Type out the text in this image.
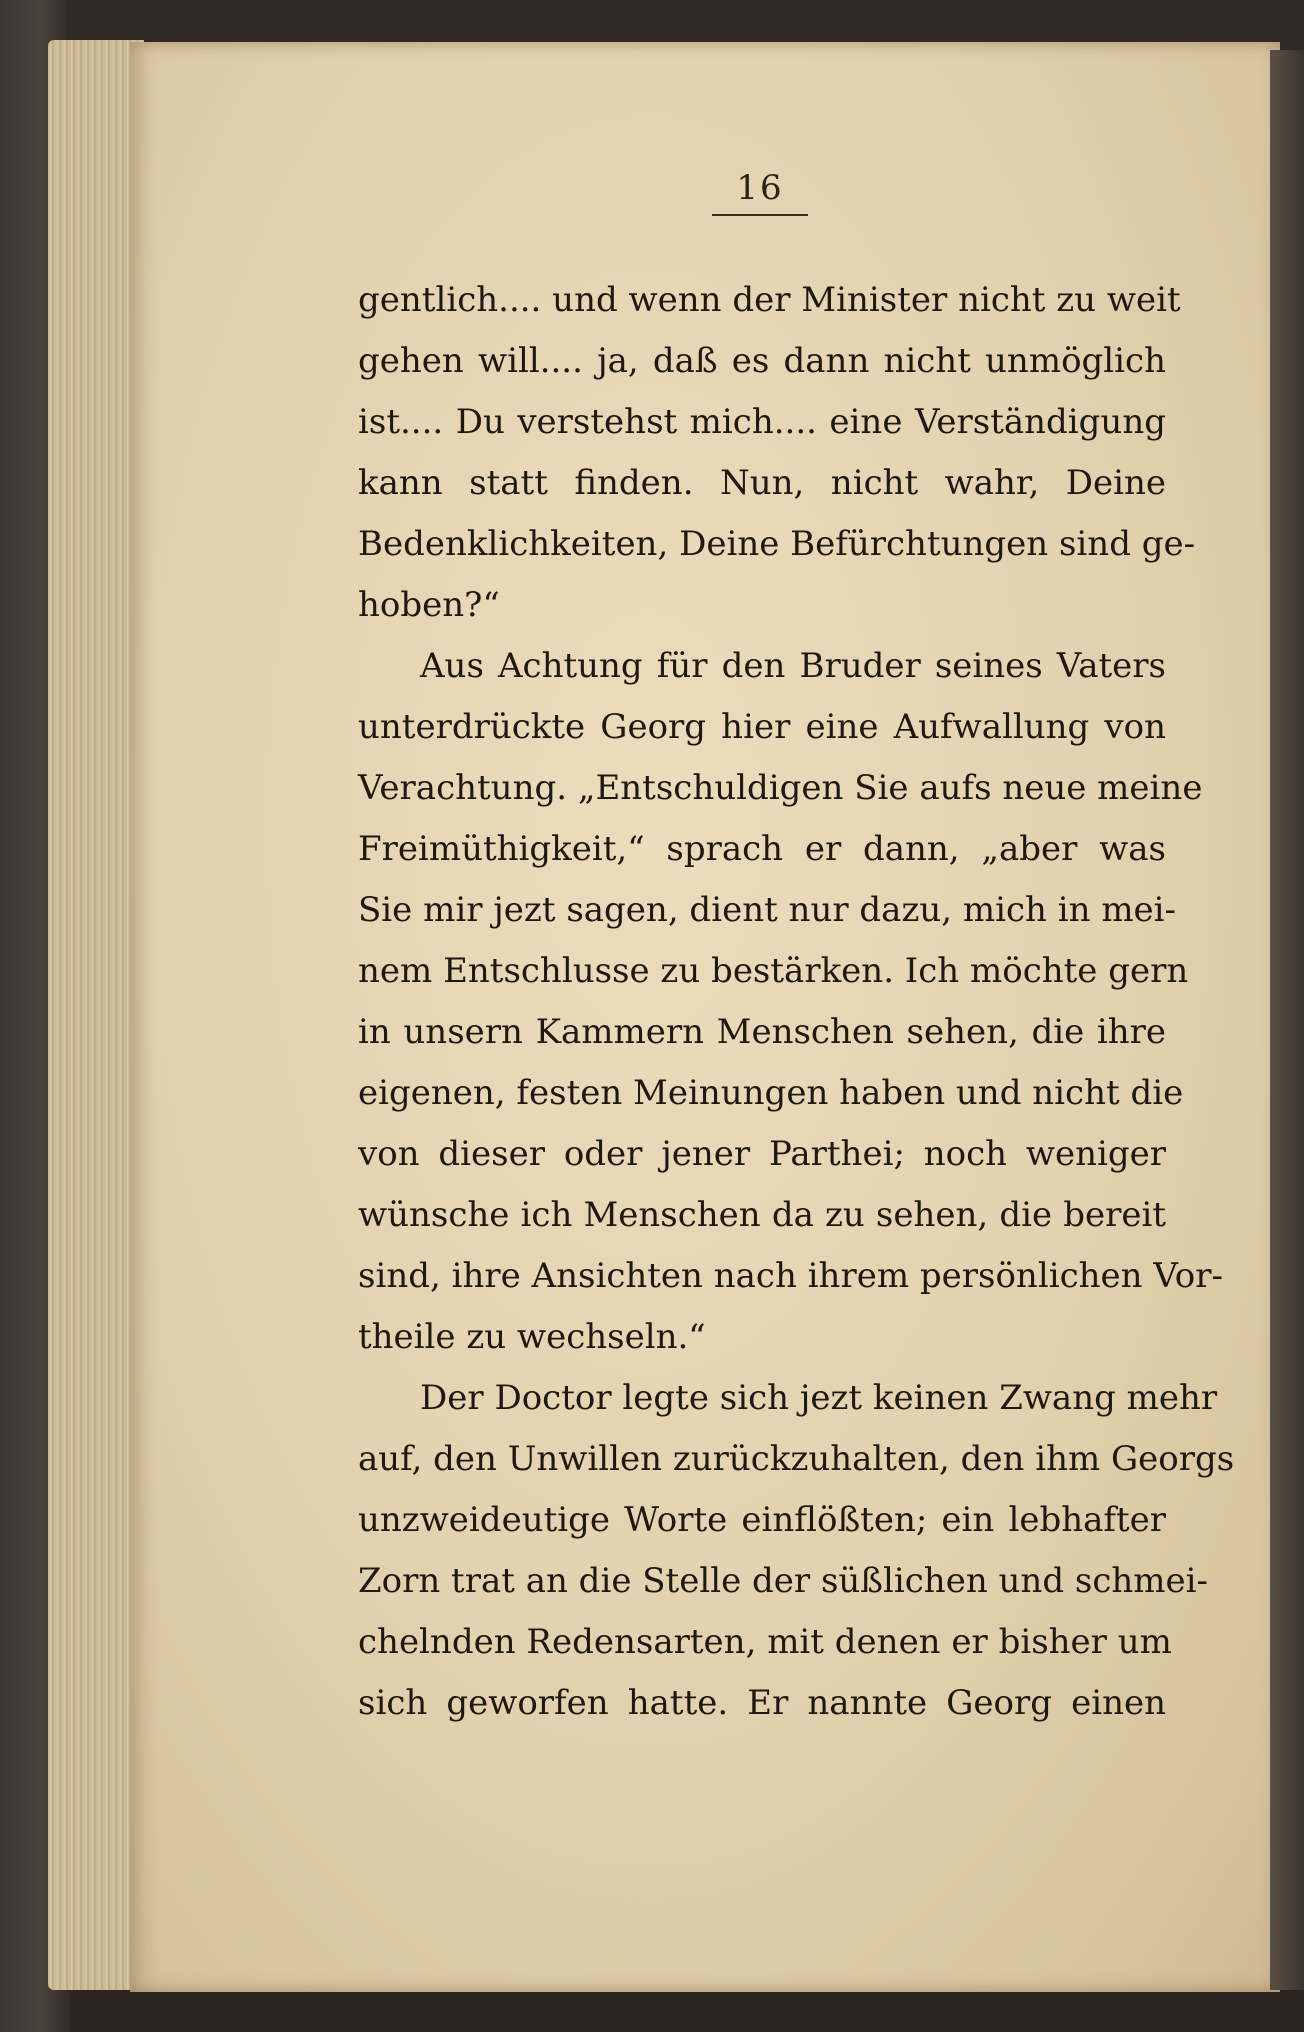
16
gentlich.... und wenn der Minister nicht zu weit
gehen will.... ja, daß es dann nicht unmöglich
ist.... Du verstehst mich.... eine Verständigung
kann statt finden. Nun, nicht wahr, Deine
Bedenklichkeiten, Deine Befürchtungen sind ge-
hoben?“
Aus Achtung für den Bruder seines Vaters
unterdrückte Georg hier eine Aufwallung von
Verachtung. „Entschuldigen Sie aufs neue meine
Freimüthigkeit,“ sprach er dann, „aber was
Sie mir jezt sagen, dient nur dazu, mich in mei-
nem Entschlusse zu bestärken. Ich möchte gern
in unsern Kammern Menschen sehen, die ihre
eigenen, festen Meinungen haben und nicht die
von dieser oder jener Parthei; noch weniger
wünsche ich Menschen da zu sehen, die bereit
sind, ihre Ansichten nach ihrem persönlichen Vor-
theile zu wechseln.“
Der Doctor legte sich jezt keinen Zwang mehr
auf, den Unwillen zurückzuhalten, den ihm Georgs
unzweideutige Worte einflößten; ein lebhafter
Zorn trat an die Stelle der süßlichen und schmei-
chelnden Redensarten, mit denen er bisher um
sich geworfen hatte. Er nannte Georg einen
